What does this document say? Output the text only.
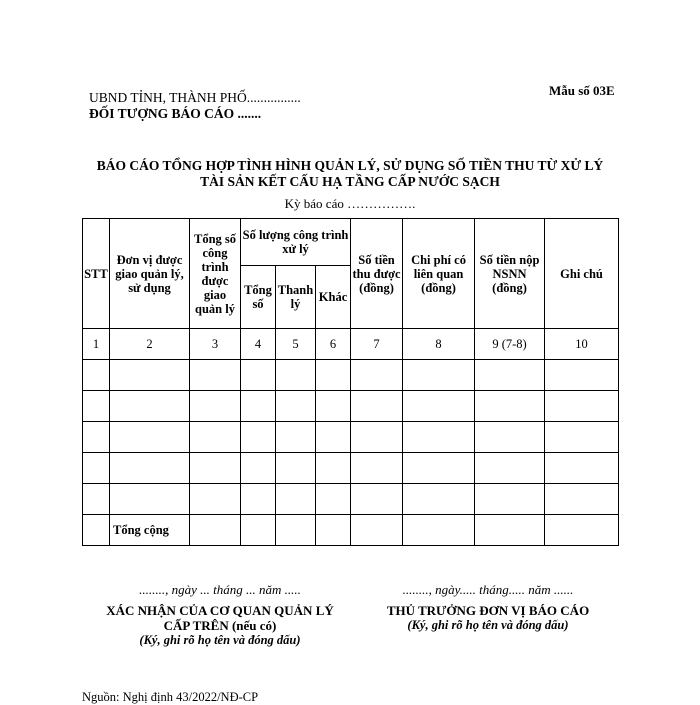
Mẫu số 03E
UBND TỈNH, THÀNH PHỐ................
ĐỐI TƯỢNG BÁO CÁO .......
BÁO CÁO TỔNG HỢP TÌNH HÌNH QUẢN LÝ, SỬ DỤNG SỐ TIỀN THU TỪ XỬ LÝ
TÀI SẢN KẾT CẤU HẠ TẦNG CẤP NƯỚC SẠCH
Kỳ báo cáo …………….
STT	Đơn vị được giao quản lý, sử dụng	Tổng số công trình được giao quản lý	Số lượng công trình xử lý			Số tiền thu được (đồng)	Chi phí có liên quan (đồng)	Số tiền nộp NSNN (đồng)	Ghi chú
			Tổng số	Thanh lý	Khác				
1	2	3	4	5	6	7	8	9 (7-8)	10

	Tổng cộng								
........, ngày ... tháng ... năm .....
XÁC NHẬN CỦA CƠ QUAN QUẢN LÝ
CẤP TRÊN (nếu có)
(Ký, ghi rõ họ tên và đóng dấu)
........, ngày..... tháng..... năm ......
THỦ TRƯỞNG ĐƠN VỊ BÁO CÁO
(Ký, ghi rõ họ tên và đóng dấu)
Nguồn: Nghị định 43/2022/NĐ-CP
